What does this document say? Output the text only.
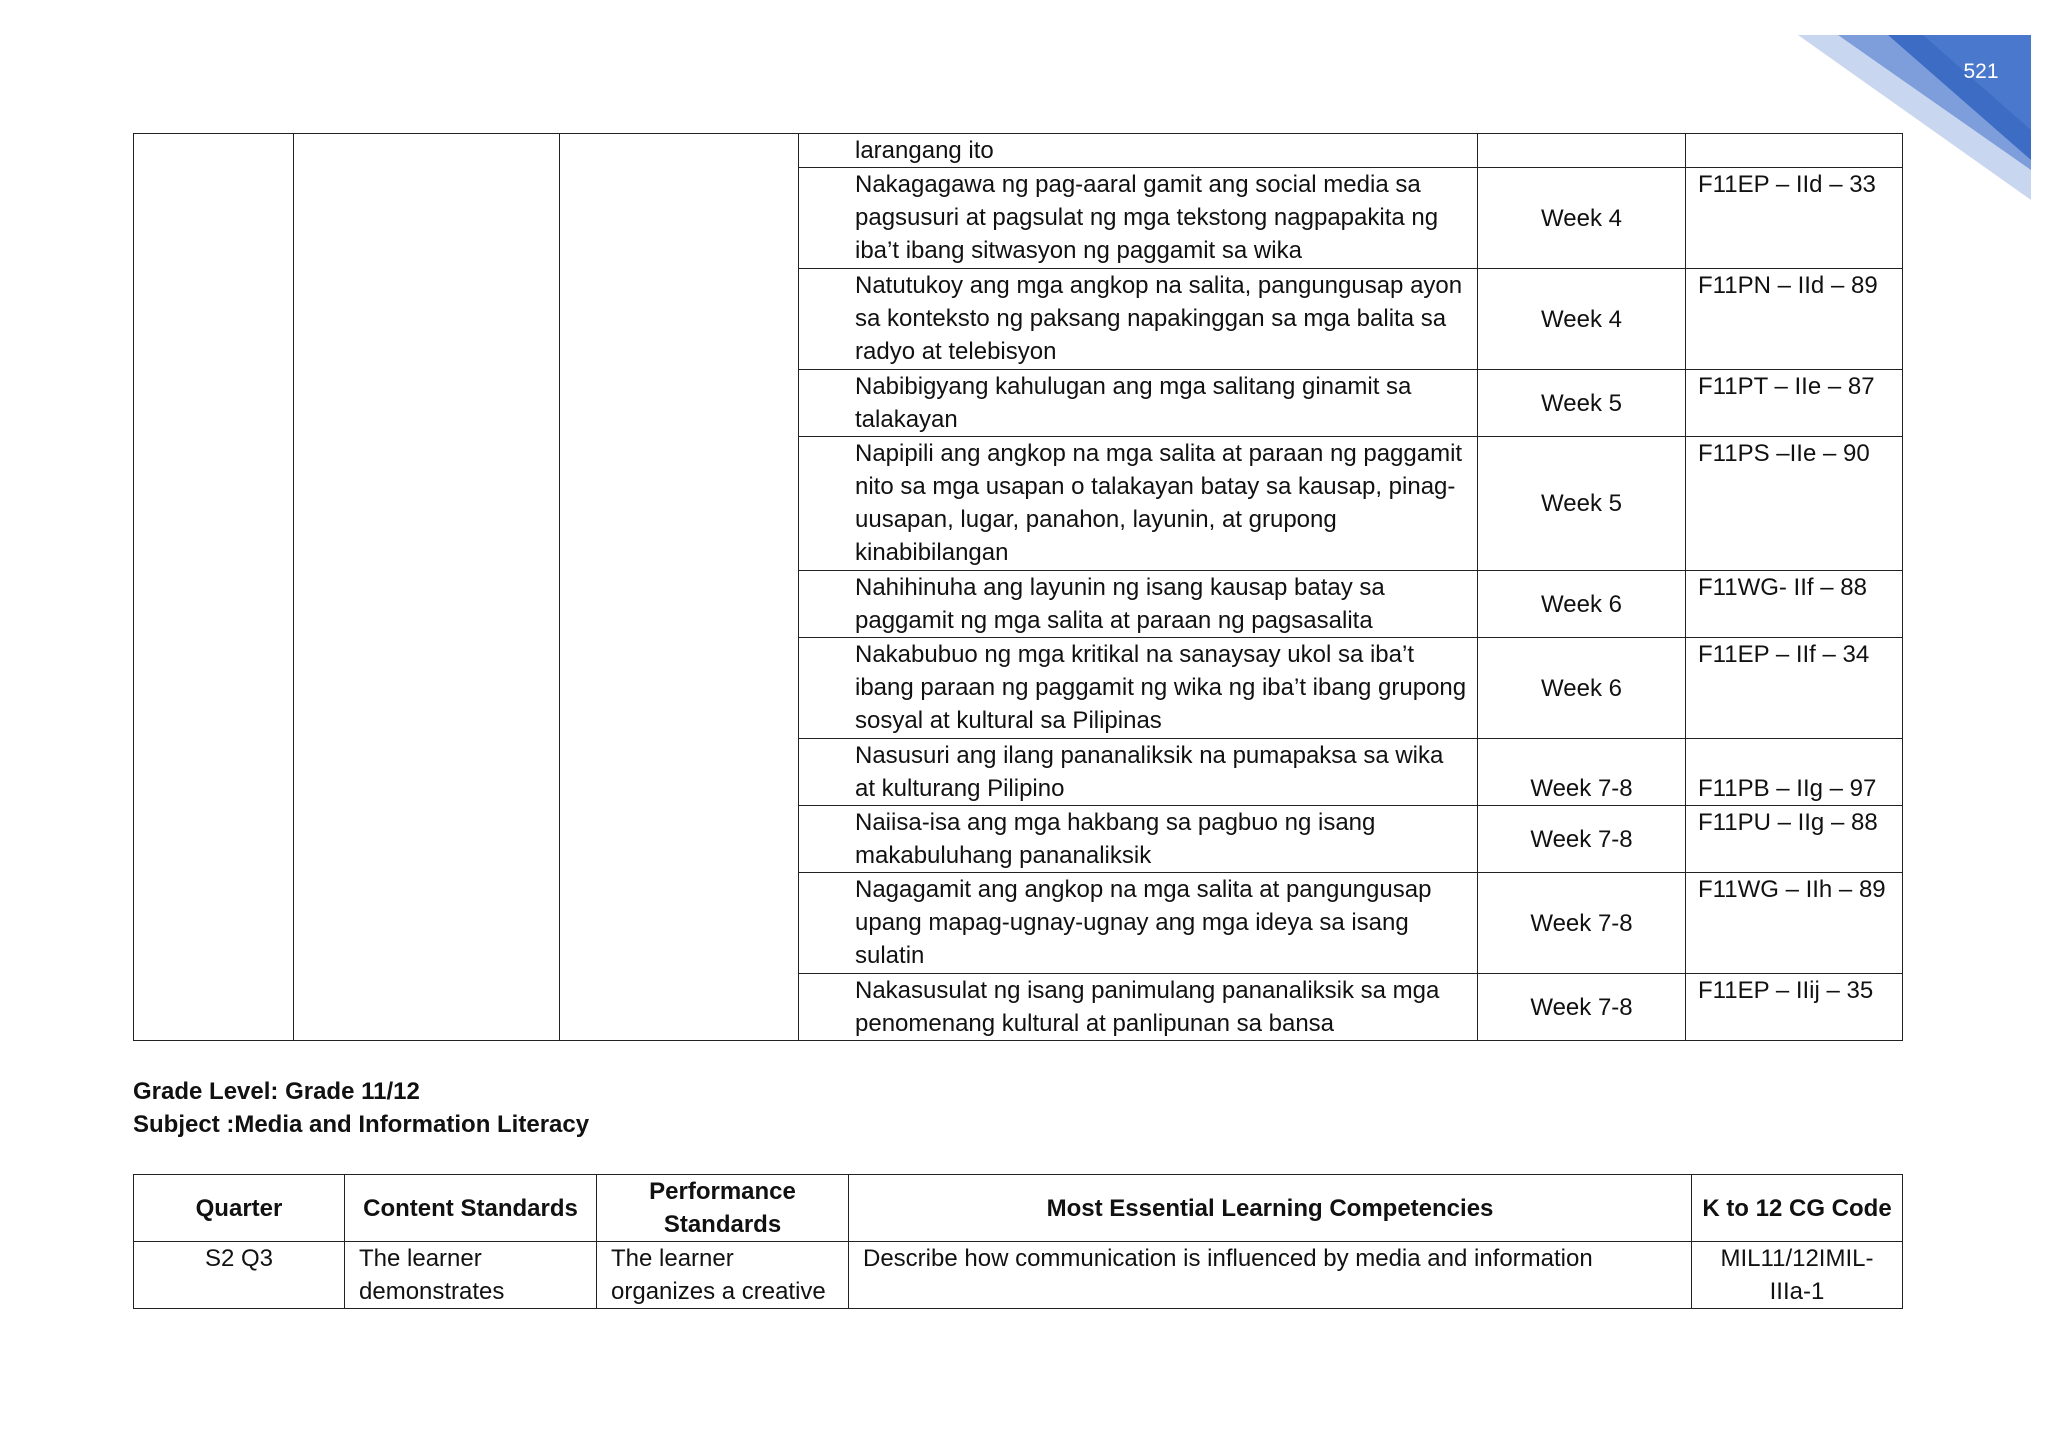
521
			larangang ito		
			Nakagagawa ng pag-aaral gamit ang social media sa pagsusuri at pagsulat ng mga tekstong nagpapakita ng iba’t ibang sitwasyon ng paggamit sa wika	Week 4	F11EP – IId – 33
			Natutukoy ang mga angkop na salita, pangungusap ayon sa konteksto ng paksang napakinggan sa mga balita sa radyo at telebisyon	Week 4	F11PN – IId – 89
			Nabibigyang kahulugan ang mga salitang ginamit sa talakayan	Week 5	F11PT – IIe – 87
			Napipili ang angkop na mga salita at paraan ng paggamit nito sa mga usapan o talakayan batay sa kausap, pinag-uusapan, lugar, panahon, layunin, at grupong kinabibilangan	Week 5	F11PS –IIe – 90
			Nahihinuha ang layunin ng isang kausap batay sa paggamit ng mga salita at paraan ng pagsasalita	Week 6	F11WG- IIf – 88
			Nakabubuo ng mga kritikal na sanaysay ukol sa iba’t ibang paraan ng paggamit ng wika ng iba’t ibang grupong sosyal at kultural sa Pilipinas	Week 6	F11EP – IIf – 34
			Nasusuri ang ilang pananaliksik na pumapaksa sa wika at kulturang Pilipino	Week 7-8	F11PB – IIg – 97
			Naiisa-isa ang mga hakbang sa pagbuo ng isang makabuluhang pananaliksik	Week 7-8	F11PU – IIg – 88
			Nagagamit ang angkop na mga salita at pangungusap upang mapag-ugnay-ugnay ang mga ideya sa isang sulatin	Week 7-8	F11WG – IIh – 89
			Nakasusulat ng isang panimulang pananaliksik sa mga penomenang kultural at panlipunan sa bansa	Week 7-8	F11EP – IIij – 35
Grade Level: Grade 11/12
Subject :Media and Information Literacy
Quarter	Content Standards	Performance Standards	Most Essential Learning Competencies	K to 12 CG Code
S2 Q3	The learner demonstrates	The learner organizes a creative	Describe how communication is influenced by media and information	MIL11/12IMIL-IIIa-1
